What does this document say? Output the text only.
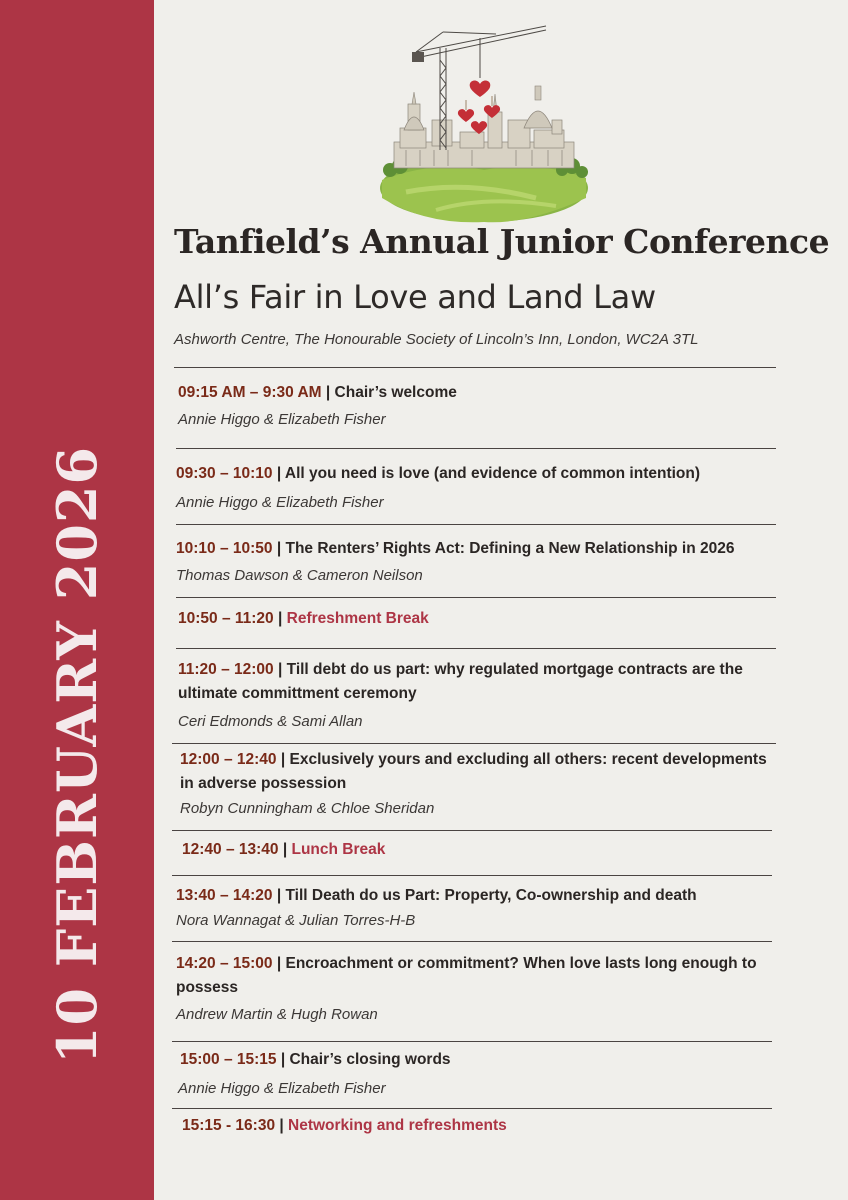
10 FEBRUARY 2026
Tanfield’s Annual Junior Conference
All’s Fair in Love and Land Law
Ashworth Centre, The Honourable Society of Lincoln’s Inn, London, WC2A 3TL
09:15 AM – 9:30 AM | Chair’s welcome
Annie Higgo & Elizabeth Fisher
09:30 – 10:10 | All you need is love (and evidence of common intention)
Annie Higgo & Elizabeth Fisher
10:10 – 10:50 | The Renters’ Rights Act: Defining a New Relationship in 2026
Thomas Dawson & Cameron Neilson
10:50 – 11:20 | Refreshment Break
11:20 – 12:00 | Till debt do us part: why regulated mortgage contracts are the ultimate committment ceremony
Ceri Edmonds & Sami Allan
12:00 – 12:40 | Exclusively yours and excluding all others: recent developments in adverse possession
Robyn Cunningham & Chloe Sheridan
12:40 – 13:40 | Lunch Break
13:40 – 14:20 | Till Death do us Part: Property, Co-ownership and death
Nora Wannagat & Julian Torres-H-B
14:20 – 15:00 | Encroachment or commitment? When love lasts long enough to possess
Andrew Martin & Hugh Rowan
15:00 – 15:15 | Chair’s closing words
Annie Higgo & Elizabeth Fisher
15:15 - 16:30 | Networking and refreshments
